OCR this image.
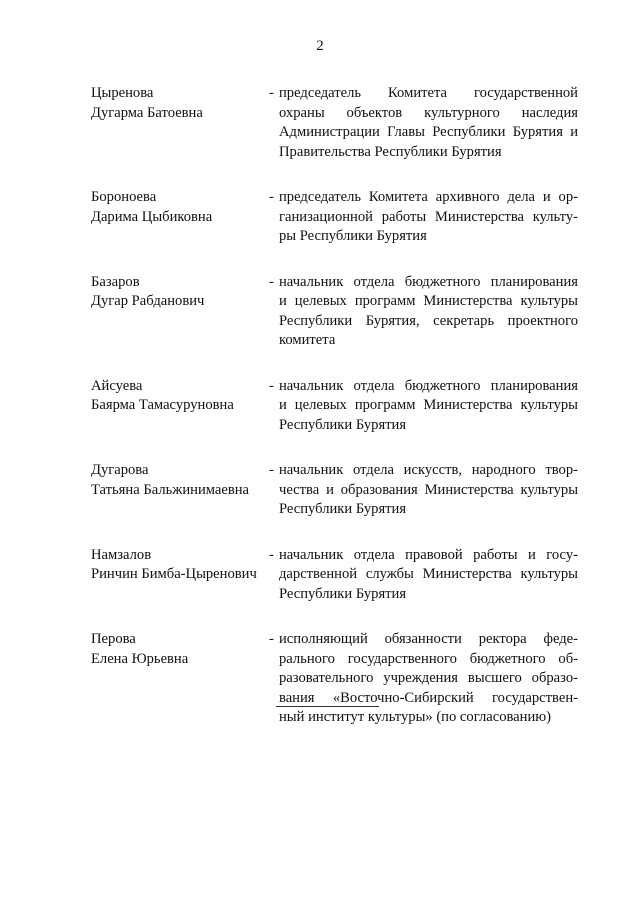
2
Цыренова
Дугарма Батоевна
- председатель Комитета государственной
охраны объектов культурного наследия
Администрации Главы Республики Бурятия и
Правительства Республики Бурятия
Бороноева
Дарима Цыбиковна
- председатель Комитета архивного дела и ор-
ганизационной работы Министерства культу-
ры Республики Бурятия
Базаров
Дугар Рабданович
- начальник отдела бюджетного планирования
и целевых программ Министерства культуры
Республики Бурятия, секретарь проектного
комитета
Айсуева
Баярма Тамасуруновна
- начальник отдела бюджетного планирования
и целевых программ Министерства культуры
Республики Бурятия
Дугарова
Татьяна Бальжинимаевна
- начальник отдела искусств, народного твор-
чества и образования Министерства культуры
Республики Бурятия
Намзалов
Ринчин Бимба-Цыренович
- начальник отдела правовой работы и госу-
дарственной службы Министерства культуры
Республики Бурятия
Перова
Елена Юрьевна
- исполняющий обязанности ректора феде-
рального государственного бюджетного об-
разовательного учреждения высшего образо-
вания «Восточно-Сибирский государствен-
ный институт культуры» (по согласованию)
